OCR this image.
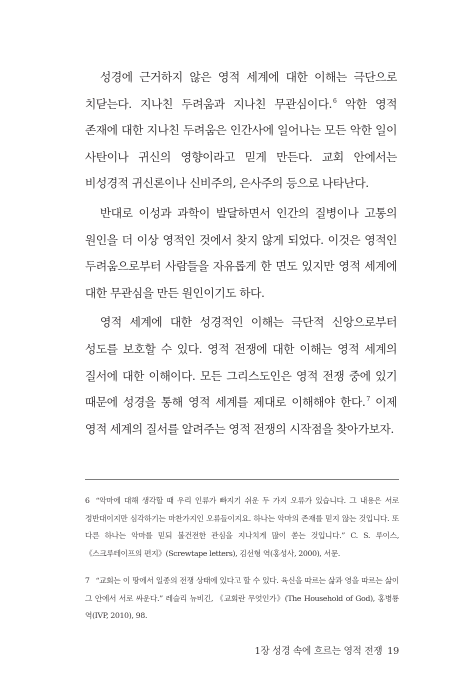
성경에 근거하지 않은 영적 세계에 대한 이해는 극단으로 치닫는다. 지나친 두려움과 지나친 무관심이다.$^6$ 악한 영적 존재에 대한 지나친 두려움은 인간사에 일어나는 모든 악한 일이 사탄이나 귀신의 영향이라고 믿게 만든다. 교회 안에서는 비성경적 귀신론이나 신비주의, 은사주의 등으로 나타난다.

반대로 이성과 과학이 발달하면서 인간의 질병이나 고통의 원인을 더 이상 영적인 것에서 찾지 않게 되었다. 이것은 영적인 두려움으로부터 사람들을 자유롭게 한 면도 있지만 영적 세계에 대한 무관심을 만든 원인이기도 하다.

영적 세계에 대한 성경적인 이해는 극단적 신앙으로부터 성도를 보호할 수 있다. 영적 전쟁에 대한 이해는 영적 세계의 질서에 대한 이해이다. 모든 그리스도인은 영적 전쟁 중에 있기 때문에 성경을 통해 영적 세계를 제대로 이해해야 한다.$^7$ 이제 영적 세계의 질서를 알려주는 영적 전쟁의 시작점을 찾아가보자.

6 “악마에 대해 생각할 때 우리 인류가 빠지기 쉬운 두 가지 오류가 있습니다. 그 내용은 서로 정반대이지만 심각하기는 마찬가지인 오류들이지요. 하나는 악마의 존재를 믿지 않는 것입니다. 또 다른 하나는 악마를 믿되 불건전한 관심을 지나치게 많이 쏟는 것입니다.” C. S. 루이스, 《스크루테이프의 편지》(Screwtape letters), 김선형 역(홍성사, 2000), 서문.

7 “교회는 이 땅에서 일종의 전쟁 상태에 있다고 할 수 있다. 육신을 따르는 삶과 영을 따르는 삶이 그 안에서 서로 싸운다.” 레슬리 뉴비긴, 《교회란 무엇인가》(The Household of God), 홍병룡 역(IVP, 2010), 98.

1장 성경 속에 흐르는 영적 전쟁 19
